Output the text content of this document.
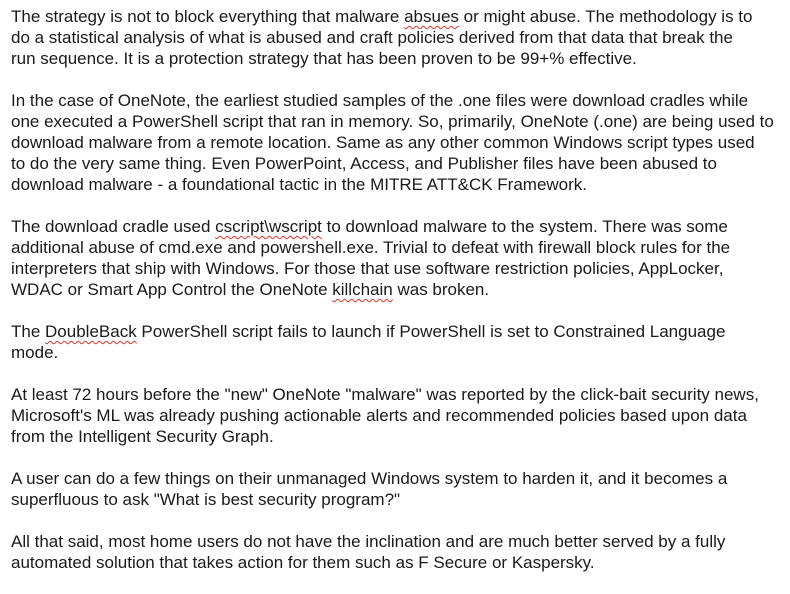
The strategy is not to block everything that malware absues or might abuse. The methodology is to
do a statistical analysis of what is abused and craft policies derived from that data that break the
run sequence. It is a protection strategy that has been proven to be 99+% effective.

In the case of OneNote, the earliest studied samples of the .one files were download cradles while
one executed a PowerShell script that ran in memory. So, primarily, OneNote (.one) are being used to
download malware from a remote location. Same as any other common Windows script types used
to do the very same thing. Even PowerPoint, Access, and Publisher files have been abused to
download malware - a foundational tactic in the MITRE ATT&CK Framework.

The download cradle used cscript\wscript to download malware to the system. There was some
additional abuse of cmd.exe and powershell.exe. Trivial to defeat with firewall block rules for the
interpreters that ship with Windows. For those that use software restriction policies, AppLocker,
WDAC or Smart App Control the OneNote killchain was broken.

The DoubleBack PowerShell script fails to launch if PowerShell is set to Constrained Language
mode.

At least 72 hours before the "new" OneNote "malware" was reported by the click-bait security news,
Microsoft's ML was already pushing actionable alerts and recommended policies based upon data
from the Intelligent Security Graph.

A user can do a few things on their unmanaged Windows system to harden it, and it becomes a
superfluous to ask "What is best security program?"

All that said, most home users do not have the inclination and are much better served by a fully
automated solution that takes action for them such as F Secure or Kaspersky.
